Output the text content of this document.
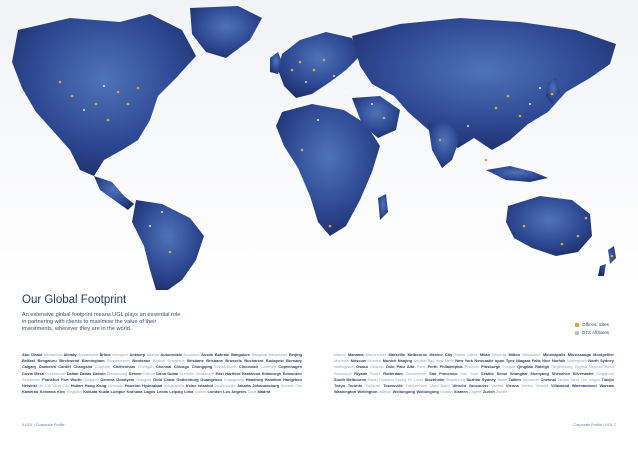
Our Global Footprint
An extensive global footprint means UGL plays an essential role in partnering with clients to maximise the value of their investments, wherever they are in the world.
Offices, Sites
DTZ Affiliates
Abu Dhabi Alexandria Almaty Amsterdam Århus Arrington Antwerp Atlanta Auburndale Auckland Austin Bahrain Bangalore Bangkok Basseterre Beijing Belfast Bengaluru Birchwood Birmingham Bloemfontein Bordeaux Boston Bratislava Brisbane Brisbane Brussels Bucharest Budapest Burnaby Calgary Canberra Cardiff Changsha Charlotte Cheltenham Chengdu Chennai Chicago Chongqing Christchurch Cincinnati Coventry Copenhagen Costa Mesa Courbevoie Dalian Dallas Darwin Dandenong Denver Detroit Doha Dubai Dunedin Düsseldorf East Hartford Eastwood Edinburgh Edmonton Eindhoven Frankfurt Fort Worth Glasgow Geneva Goodyear Glasgow Gold Coast Gothenburg Guangzhou Guangdong Hamburg Hamilton Hangzhou Helsinki Ho Chi Minh City Hobart Hong Kong Honolulu Houston Hyderabad Indianapolis Irvine Istanbul Jacksonville Jakarta Johannesburg Kansas City Kawerau Kelowna Kiev Kingston Kolkata Kuala Lumpur Kwinana Lagos Leeds Leipzig Lima Lisbon London Los Angeles Lyon Madrid
Malmö Manama Manchester Marseille Melbourne Mexico City Miami Lakes Milan Milperra Milton Milwaukee Minneapolis Mississauga Montpellier Montréal Moscow Mumbai Munich Nanjing Neutral Bay New Delhi New York Newcastle upon Tyne Niagara Falls Nice Norfolk Nottingham North Sydney Nottingham Osaka Orlando Oslo Palo Alto Paris Perth Philadelphia Phoenix Pittsburgh Prague Qingdao Raleigh Regensburg Regina Rennes Reno Richmond Riyadh Rome Rotterdam Sacramento San Francisco San José Seattle Seoul Shanghai Shenyang Shenzhen Silverwater Singapore South Melbourne South Portland Spring St. Louis Stockholm Strasbourg Suzhou Sydney Taipei Tallinn Tamworth Chennai Tampa Tarra The Hague Tianjin Tokyo Toronto Toulouse Townsville Twickenham Ulan Bator Utrecht Vancouver Vantaa Vienna Vilnius Victoria Villawood Warrnambool Warsaw Washington Wellington Wilnish Wollongong Wollongong Wuhan Xiamen Zagreb Zurich Zwolle
6 UGL | Corporate Profile	Corporate Profile | UGL 7
